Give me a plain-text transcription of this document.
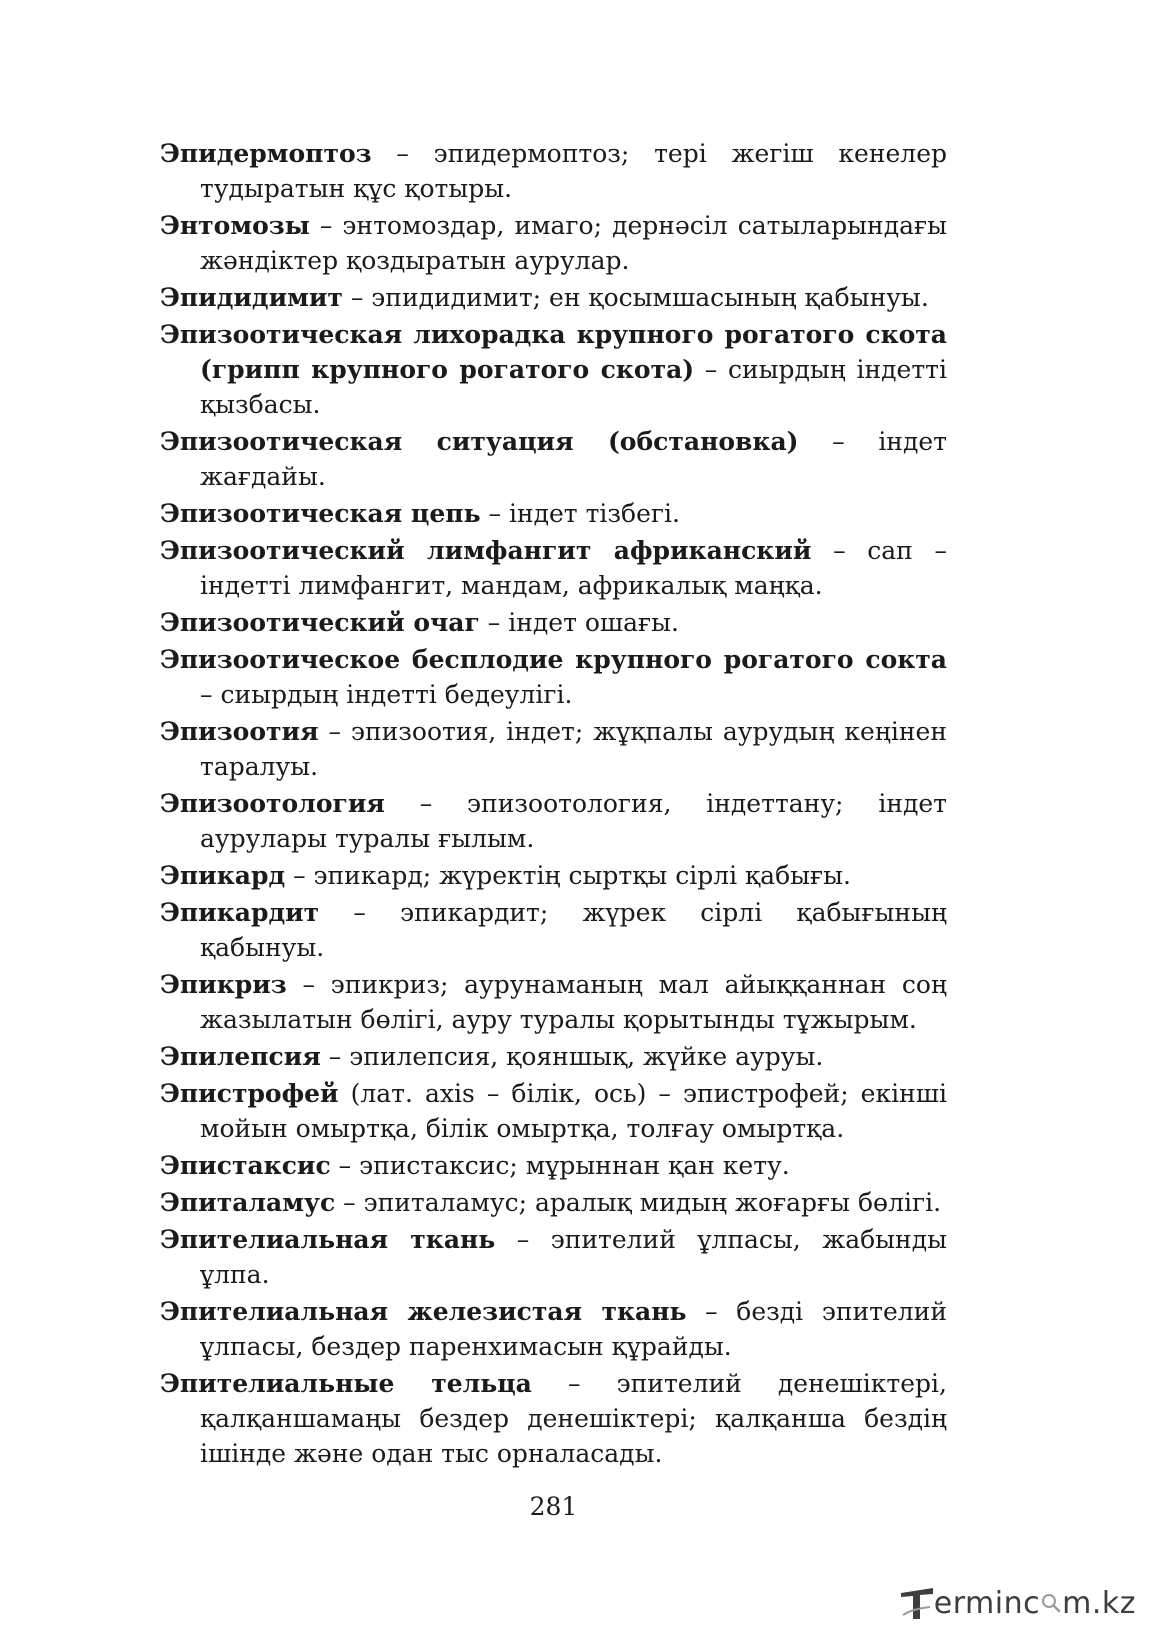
Эпидермоптоз – эпидермоптоз; тері жегіш кенелер тудыратын құс қотыры.

Энтомозы – энтомоздар, имаго; дернәсіл сатыларындағы жәндіктер қоздыратын аурулар.

Эпидидимит – эпидидимит; ен қосымшасының қабынуы.

Эпизоотическая лихорадка крупного рогатого скота (грипп крупного рогатого скота) – сиырдың індетті қызбасы.

Эпизоотическая ситуация (обстановка) – індет жағдайы.

Эпизоотическая цепь – індет тізбегі.

Эпизоотический лимфангит африканский – сап – індетті лимфангит, мандам, африкалық маңқа.

Эпизоотический очаг – індет ошағы.

Эпизоотическое бесплодие крупного рогатого сокта – сиырдың індетті бедеулігі.

Эпизоотия – эпизоотия, індет; жұқпалы аурудың кеңінен таралуы.

Эпизоотология – эпизоотология, індеттану; індет аурулары туралы ғылым.

Эпикард – эпикард; жүректің сыртқы сірлі қабығы.

Эпикардит – эпикардит; жүрек сірлі қабығының қабынуы.

Эпикриз – эпикриз; аурунаманың мал айыққаннан соң жазылатын бөлігі, ауру туралы қорытынды тұжырым.

Эпилепсия – эпилепсия, қояншық, жүйке ауруы.

Эпистрофей (лат. axis – білік, ось) – эпистрофей; екінші мойын омыртқа, білік омыртқа, толғау омыртқа.

Эпистаксис – эпистаксис; мұрыннан қан кету.

Эпиталамус – эпиталамус; аралық мидың жоғарғы бөлігі.

Эпителиальная ткань – эпителий ұлпасы, жабынды ұлпа.

Эпителиальная железистая ткань – безді эпителий ұлпасы, бездер паренхимасын құрайды.

Эпителиальные тельца – эпителий денешіктері, қалқаншамаңы бездер денешіктері; қалқанша бездің ішінде және одан тыс орналасады.

281
ermin c m.kz
